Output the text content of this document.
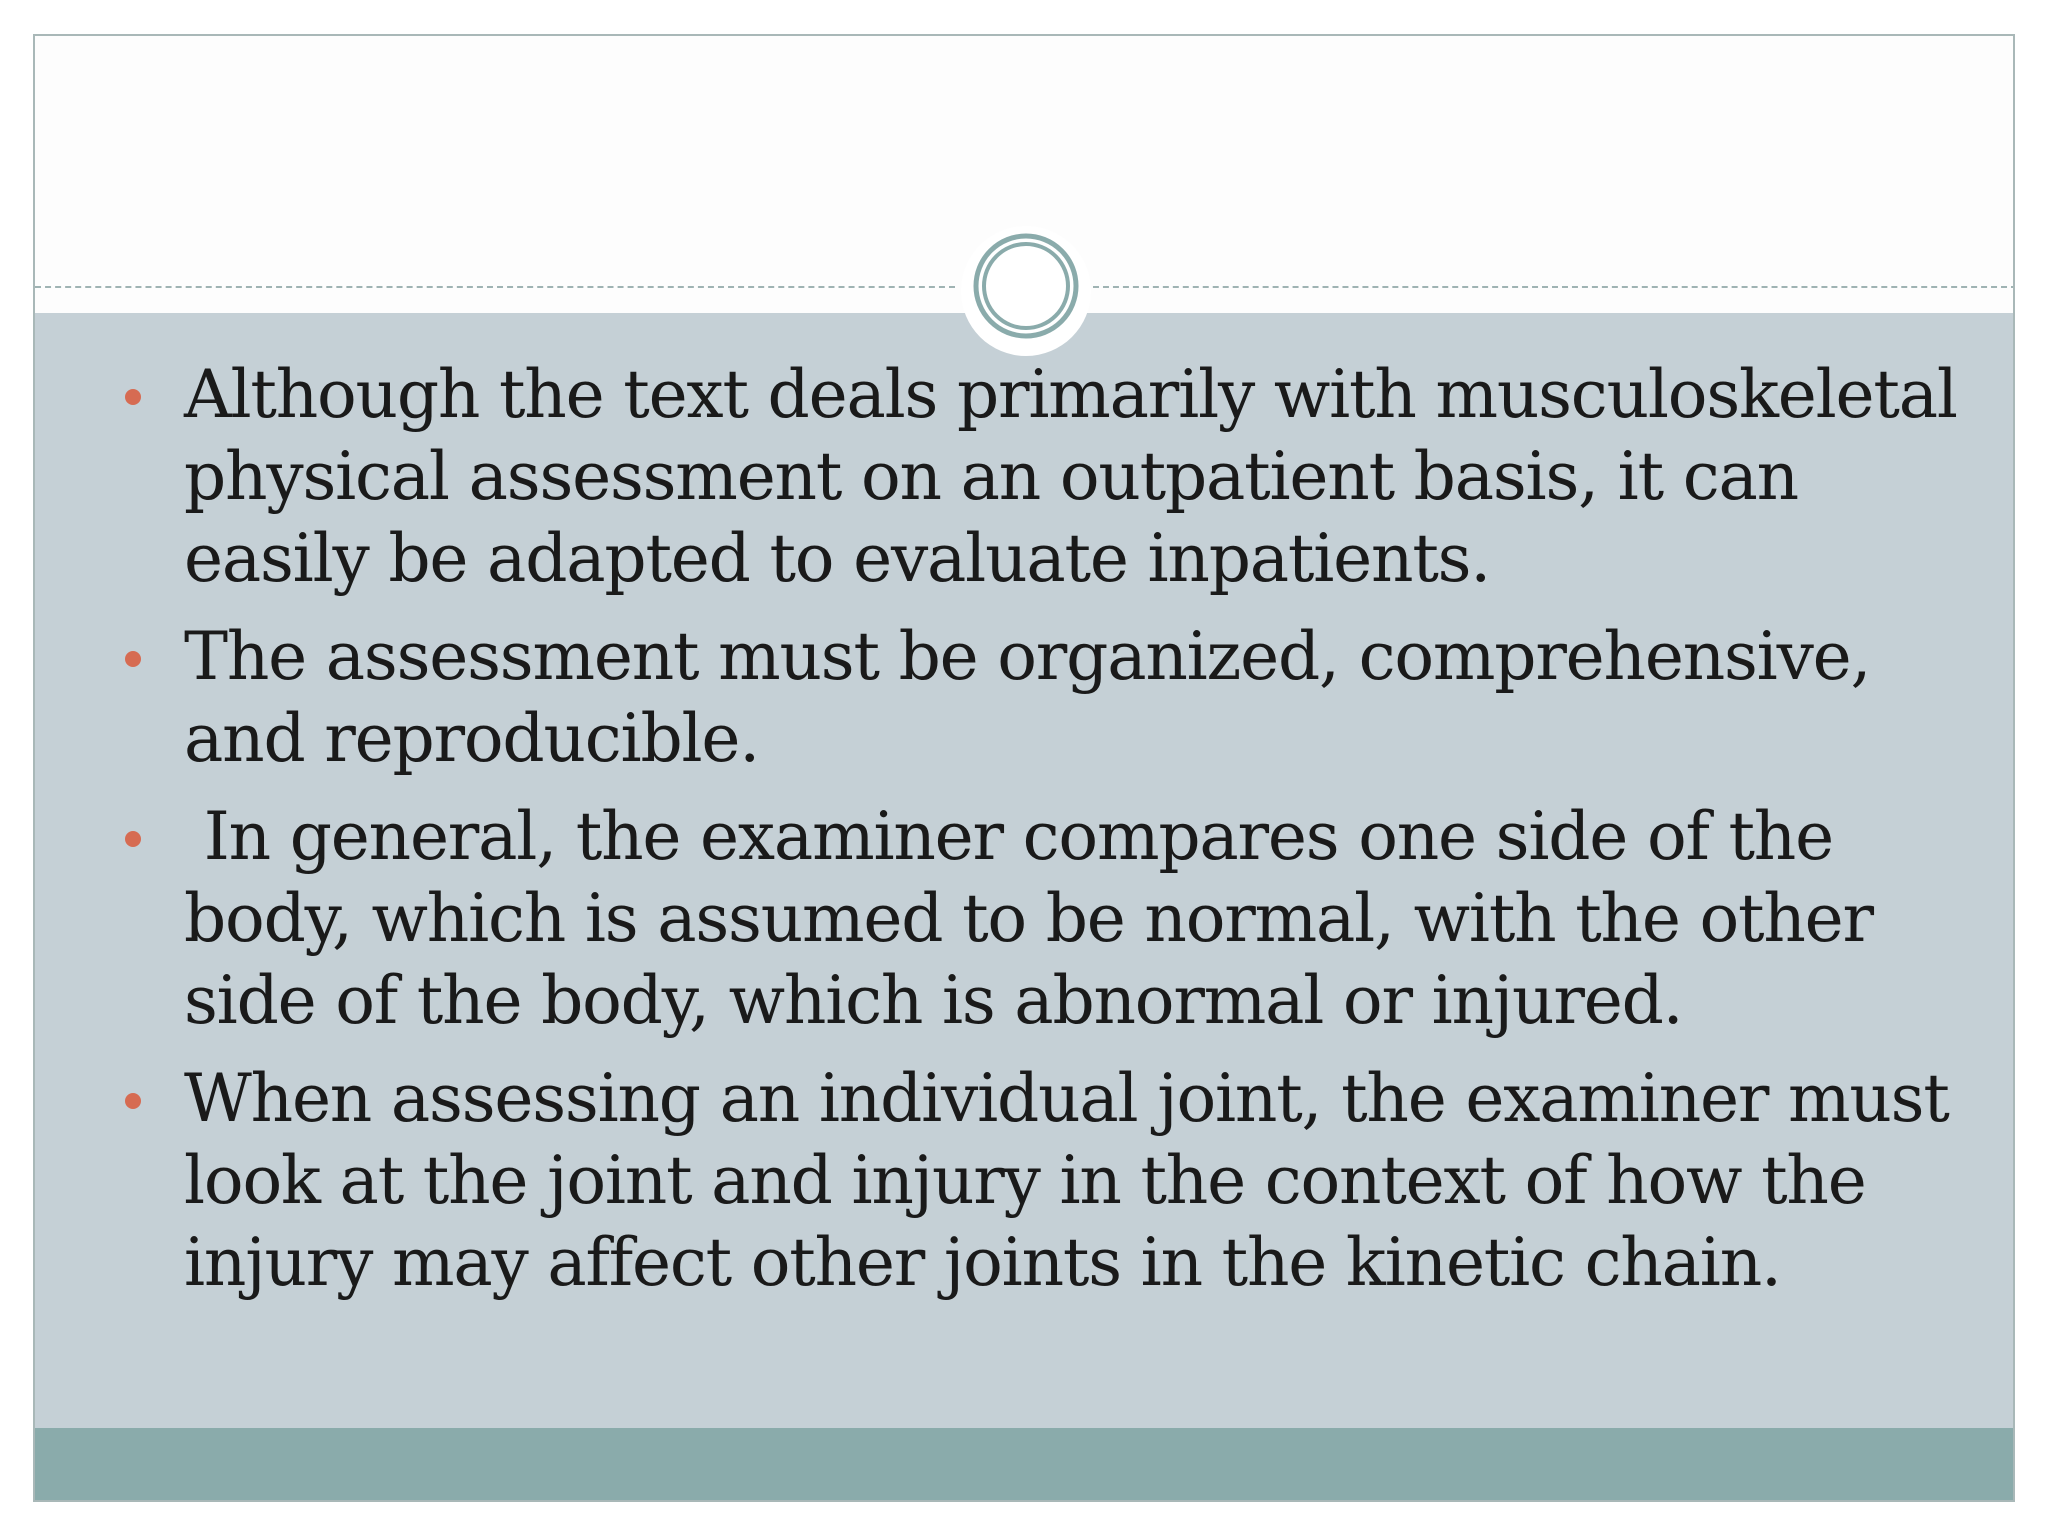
Although the text deals primarily with musculoskeletal physical assessment on an outpatient basis, it can easily be adapted to evaluate inpatients.
The assessment must be organized, comprehensive, and reproducible.
In general, the examiner compares one side of the body, which is assumed to be normal, with the other side of the body, which is abnormal or injured.
When assessing an individual joint, the examiner must look at the joint and injury in the context of how the injury may affect other joints in the kinetic chain.
